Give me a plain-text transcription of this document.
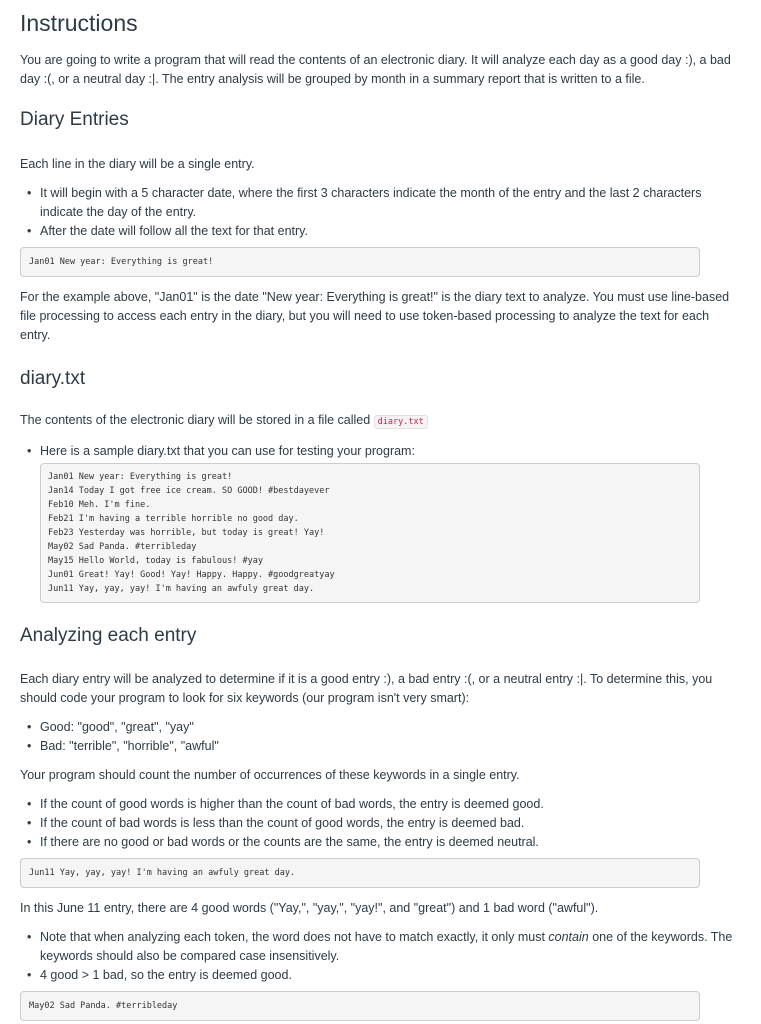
Instructions

You are going to write a program that will read the contents of an electronic diary. It will analyze each day as a good day :), a bad day :(, or a neutral day :|. The entry analysis will be grouped by month in a summary report that is written to a file.

Diary Entries

Each line in the diary will be a single entry.

• It will begin with a 5 character date, where the first 3 characters indicate the month of the entry and the last 2 characters indicate the day of the entry.
• After the date will follow all the text for that entry.
Jan01 New year: Everything is great!

For the example above, "Jan01" is the date "New year: Everything is great!" is the diary text to analyze. You must use line-based file processing to access each entry in the diary, but you will need to use token-based processing to analyze the text for each entry.

diary.txt

The contents of the electronic diary will be stored in a file called diary.txt

• Here is a sample diary.txt that you can use for testing your program:
Jan01 New year: Everything is great!
Jan14 Today I got free ice cream. SO GOOD! #bestdayever
Feb10 Meh. I'm fine.
Feb21 I'm having a terrible horrible no good day.
Feb23 Yesterday was horrible, but today is great! Yay!
May02 Sad Panda. #terribleday
May15 Hello World, today is fabulous! #yay
Jun01 Great! Yay! Good! Yay! Happy. Happy. #goodgreatyay
Jun11 Yay, yay, yay! I'm having an awfuly great day.
Analyzing each entry

Each diary entry will be analyzed to determine if it is a good entry :), a bad entry :(, or a neutral entry :|. To determine this, you should code your program to look for six keywords (our program isn't very smart):

• Good: "good", "great", "yay"
• Bad: "terrible", "horrible", "awful"

Your program should count the number of occurrences of these keywords in a single entry.

• If the count of good words is higher than the count of bad words, the entry is deemed good.
• If the count of bad words is less than the count of good words, the entry is deemed bad.
• If there are no good or bad words or the counts are the same, the entry is deemed neutral.
Jun11 Yay, yay, yay! I'm having an awfuly great day.

In this June 11 entry, there are 4 good words ("Yay,", "yay,", "yay!", and "great") and 1 bad word ("awful").

• Note that when analyzing each token, the word does not have to match exactly, it only must contain one of the keywords. The keywords should also be compared case insensitively.
• 4 good > 1 bad, so the entry is deemed good.
May02 Sad Panda. #terribleday
